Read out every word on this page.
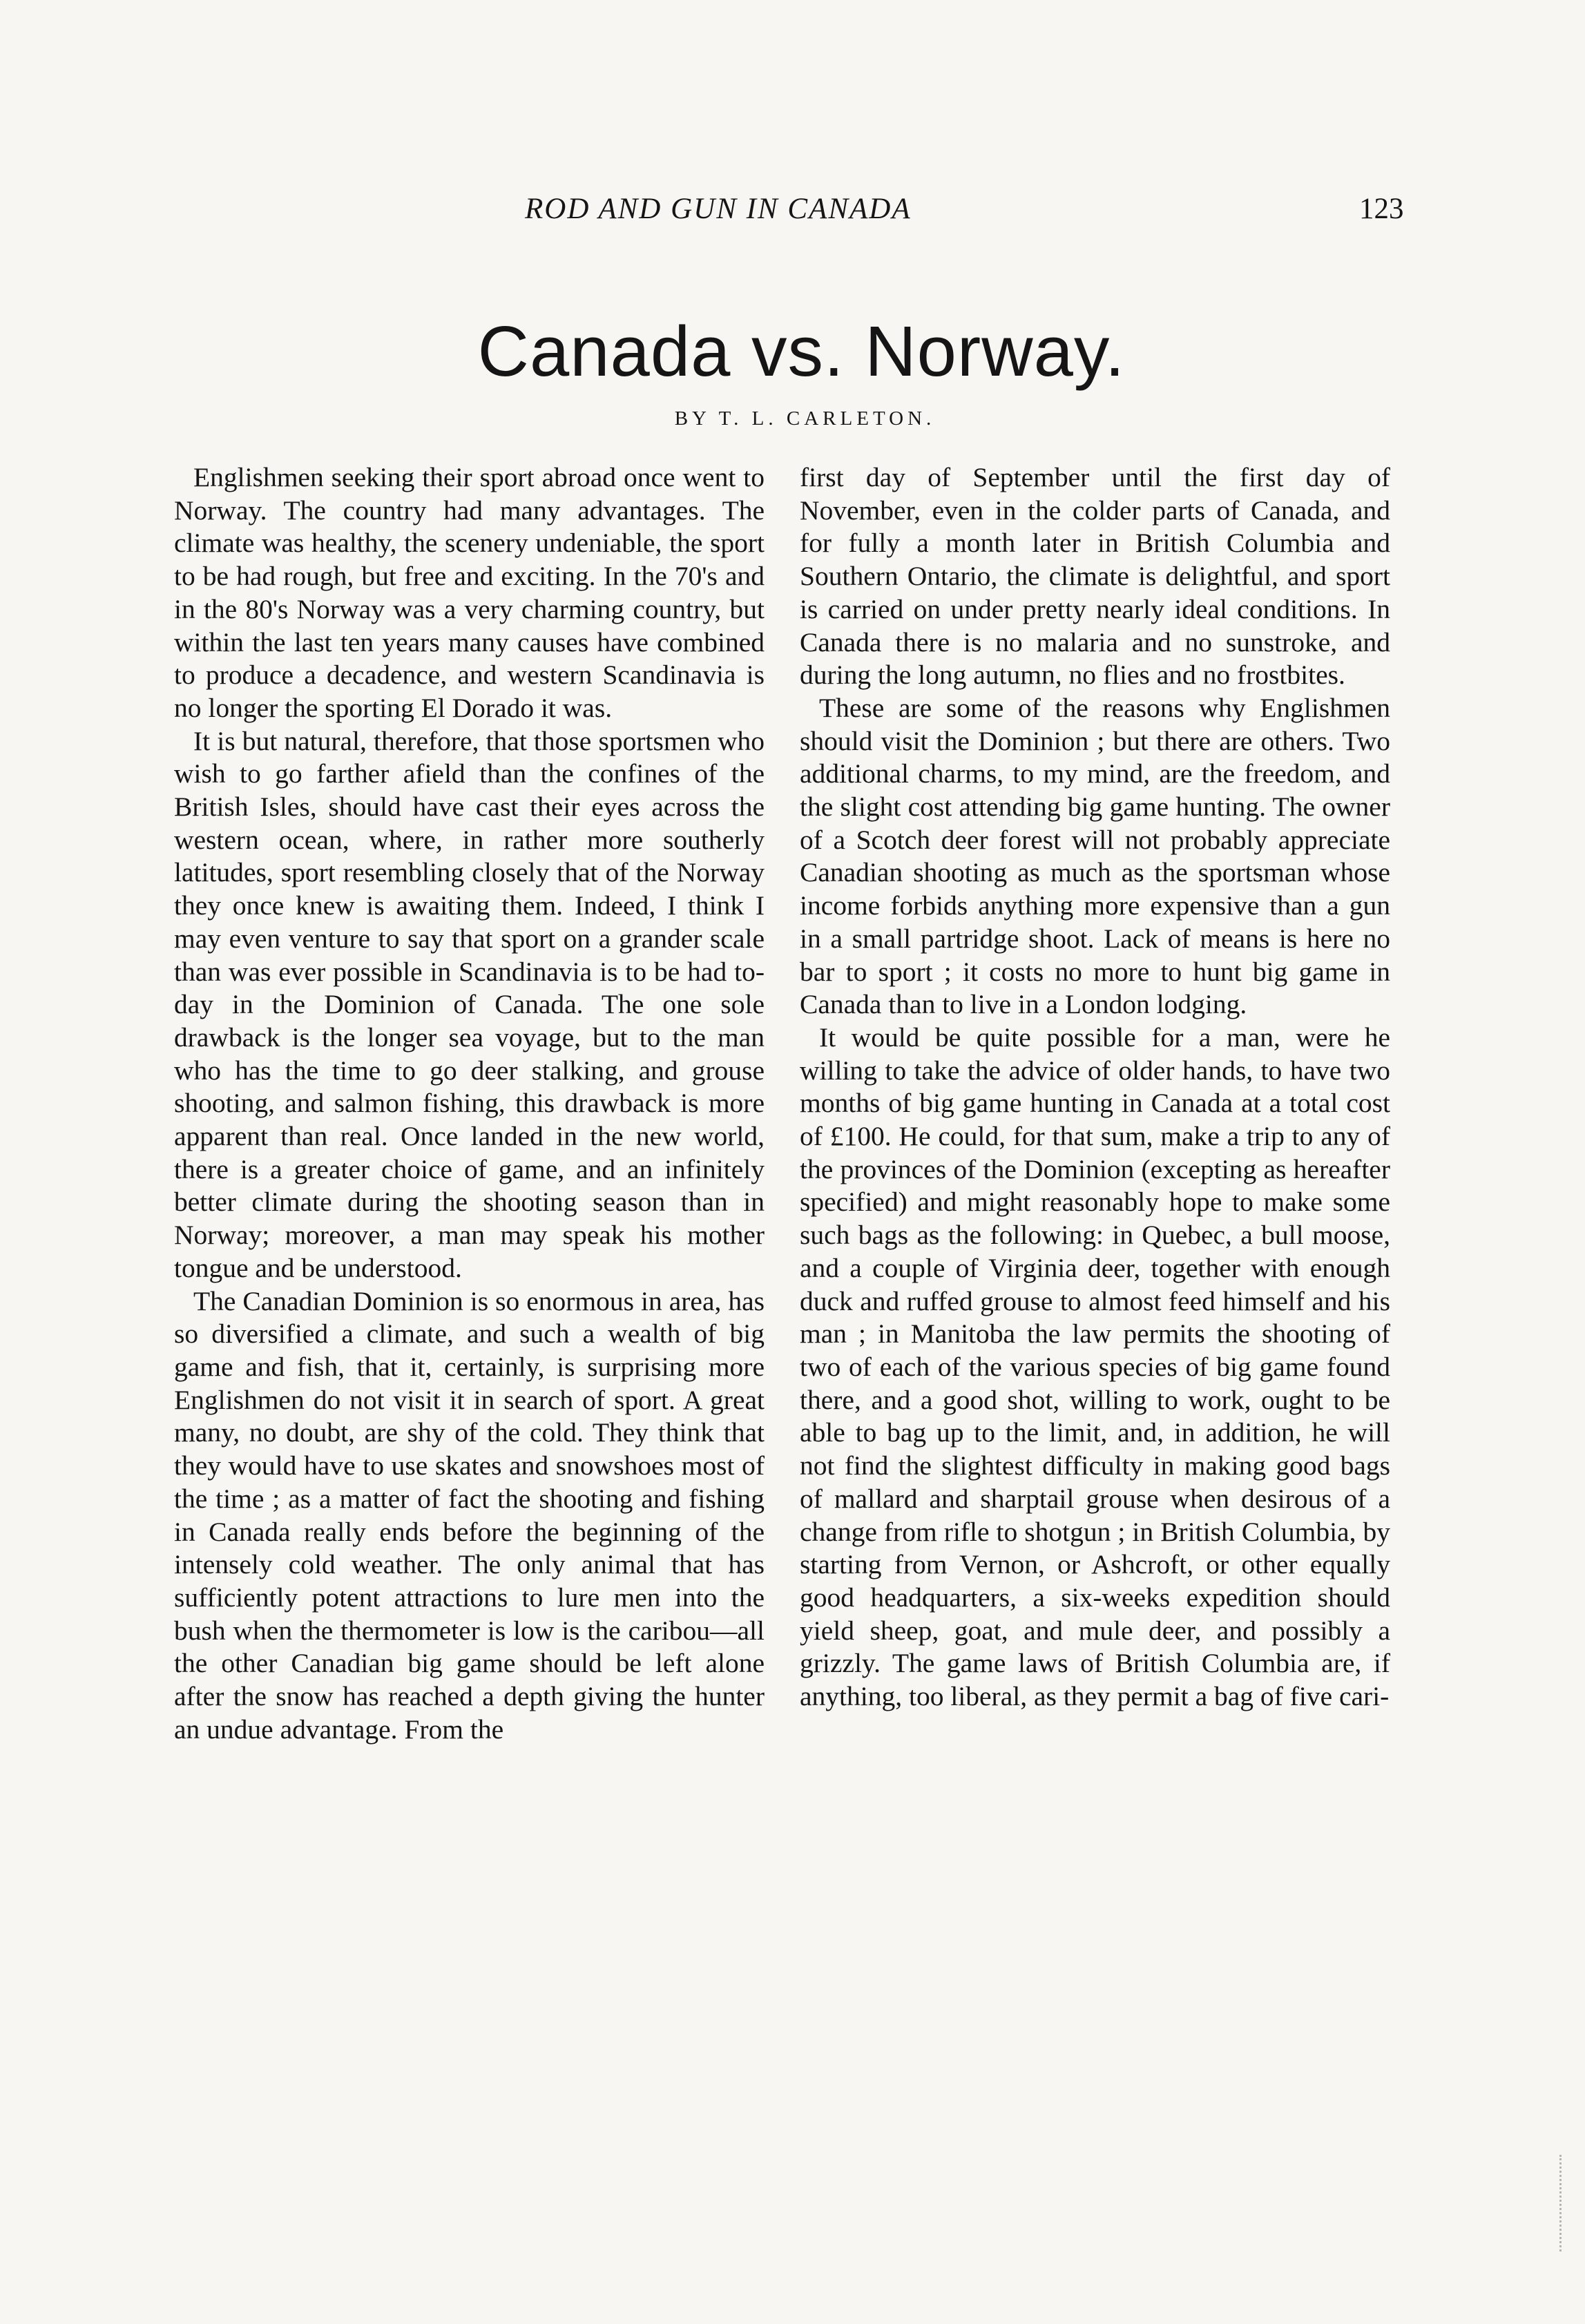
ROD AND GUN IN CANADA	123
Canada vs. Norway.
BY T. L. CARLETON.

Englishmen seeking their sport abroad once went to Norway. The country had many advantages. The climate was healthy, the scenery undeniable, the sport to be had rough, but free and exciting. In the 70's and in the 80's Norway was a very charming country, but within the last ten years many causes have combined to produce a decadence, and western Scandinavia is no longer the sporting El Dorado it was.

It is but natural, therefore, that those sportsmen who wish to go farther afield than the confines of the British Isles, should have cast their eyes across the western ocean, where, in rather more southerly latitudes, sport resembling closely that of the Norway they once knew is awaiting them. Indeed, I think I may even venture to say that sport on a grander scale than was ever possible in Scandinavia is to be had to-day in the Dominion of Canada. The one sole drawback is the longer sea voyage, but to the man who has the time to go deer stalking, and grouse shooting, and salmon fishing, this drawback is more apparent than real. Once landed in the new world, there is a greater choice of game, and an infinitely better climate during the shooting season than in Norway; moreover, a man may speak his mother tongue and be understood.

The Canadian Dominion is so enormous in area, has so diversified a climate, and such a wealth of big game and fish, that it, certainly, is surprising more Englishmen do not visit it in search of sport. A great many, no doubt, are shy of the cold. They think that they would have to use skates and snowshoes most of the time ; as a matter of fact the shooting and fishing in Canada really ends before the beginning of the intensely cold weather. The only animal that has sufficiently potent attractions to lure men into the bush when the thermometer is low is the caribou—all the other Canadian big game should be left alone after the snow has reached a depth giving the hunter an undue advantage. From the

first day of September until the first day of November, even in the colder parts of Canada, and for fully a month later in British Columbia and Southern Ontario, the climate is delightful, and sport is carried on under pretty nearly ideal conditions. In Canada there is no malaria and no sunstroke, and during the long autumn, no flies and no frostbites.

These are some of the reasons why Englishmen should visit the Dominion ; but there are others. Two additional charms, to my mind, are the freedom, and the slight cost attending big game hunting. The owner of a Scotch deer forest will not probably appreciate Canadian shooting as much as the sportsman whose income forbids anything more expensive than a gun in a small partridge shoot. Lack of means is here no bar to sport ; it costs no more to hunt big game in Canada than to live in a London lodging.

It would be quite possible for a man, were he willing to take the advice of older hands, to have two months of big game hunting in Canada at a total cost of £100. He could, for that sum, make a trip to any of the provinces of the Dominion (excepting as hereafter specified) and might reasonably hope to make some such bags as the following: in Quebec, a bull moose, and a couple of Virginia deer, together with enough duck and ruffed grouse to almost feed himself and his man ; in Manitoba the law permits the shooting of two of each of the various species of big game found there, and a good shot, willing to work, ought to be able to bag up to the limit, and, in addition, he will not find the slightest difficulty in making good bags of mallard and sharptail grouse when desirous of a change from rifle to shotgun ; in British Columbia, by starting from Vernon, or Ashcroft, or other equally good headquarters, a six-weeks expedition should yield sheep, goat, and mule deer, and possibly a grizzly. The game laws of British Columbia are, if anything, too liberal, as they permit a bag of five cari-
